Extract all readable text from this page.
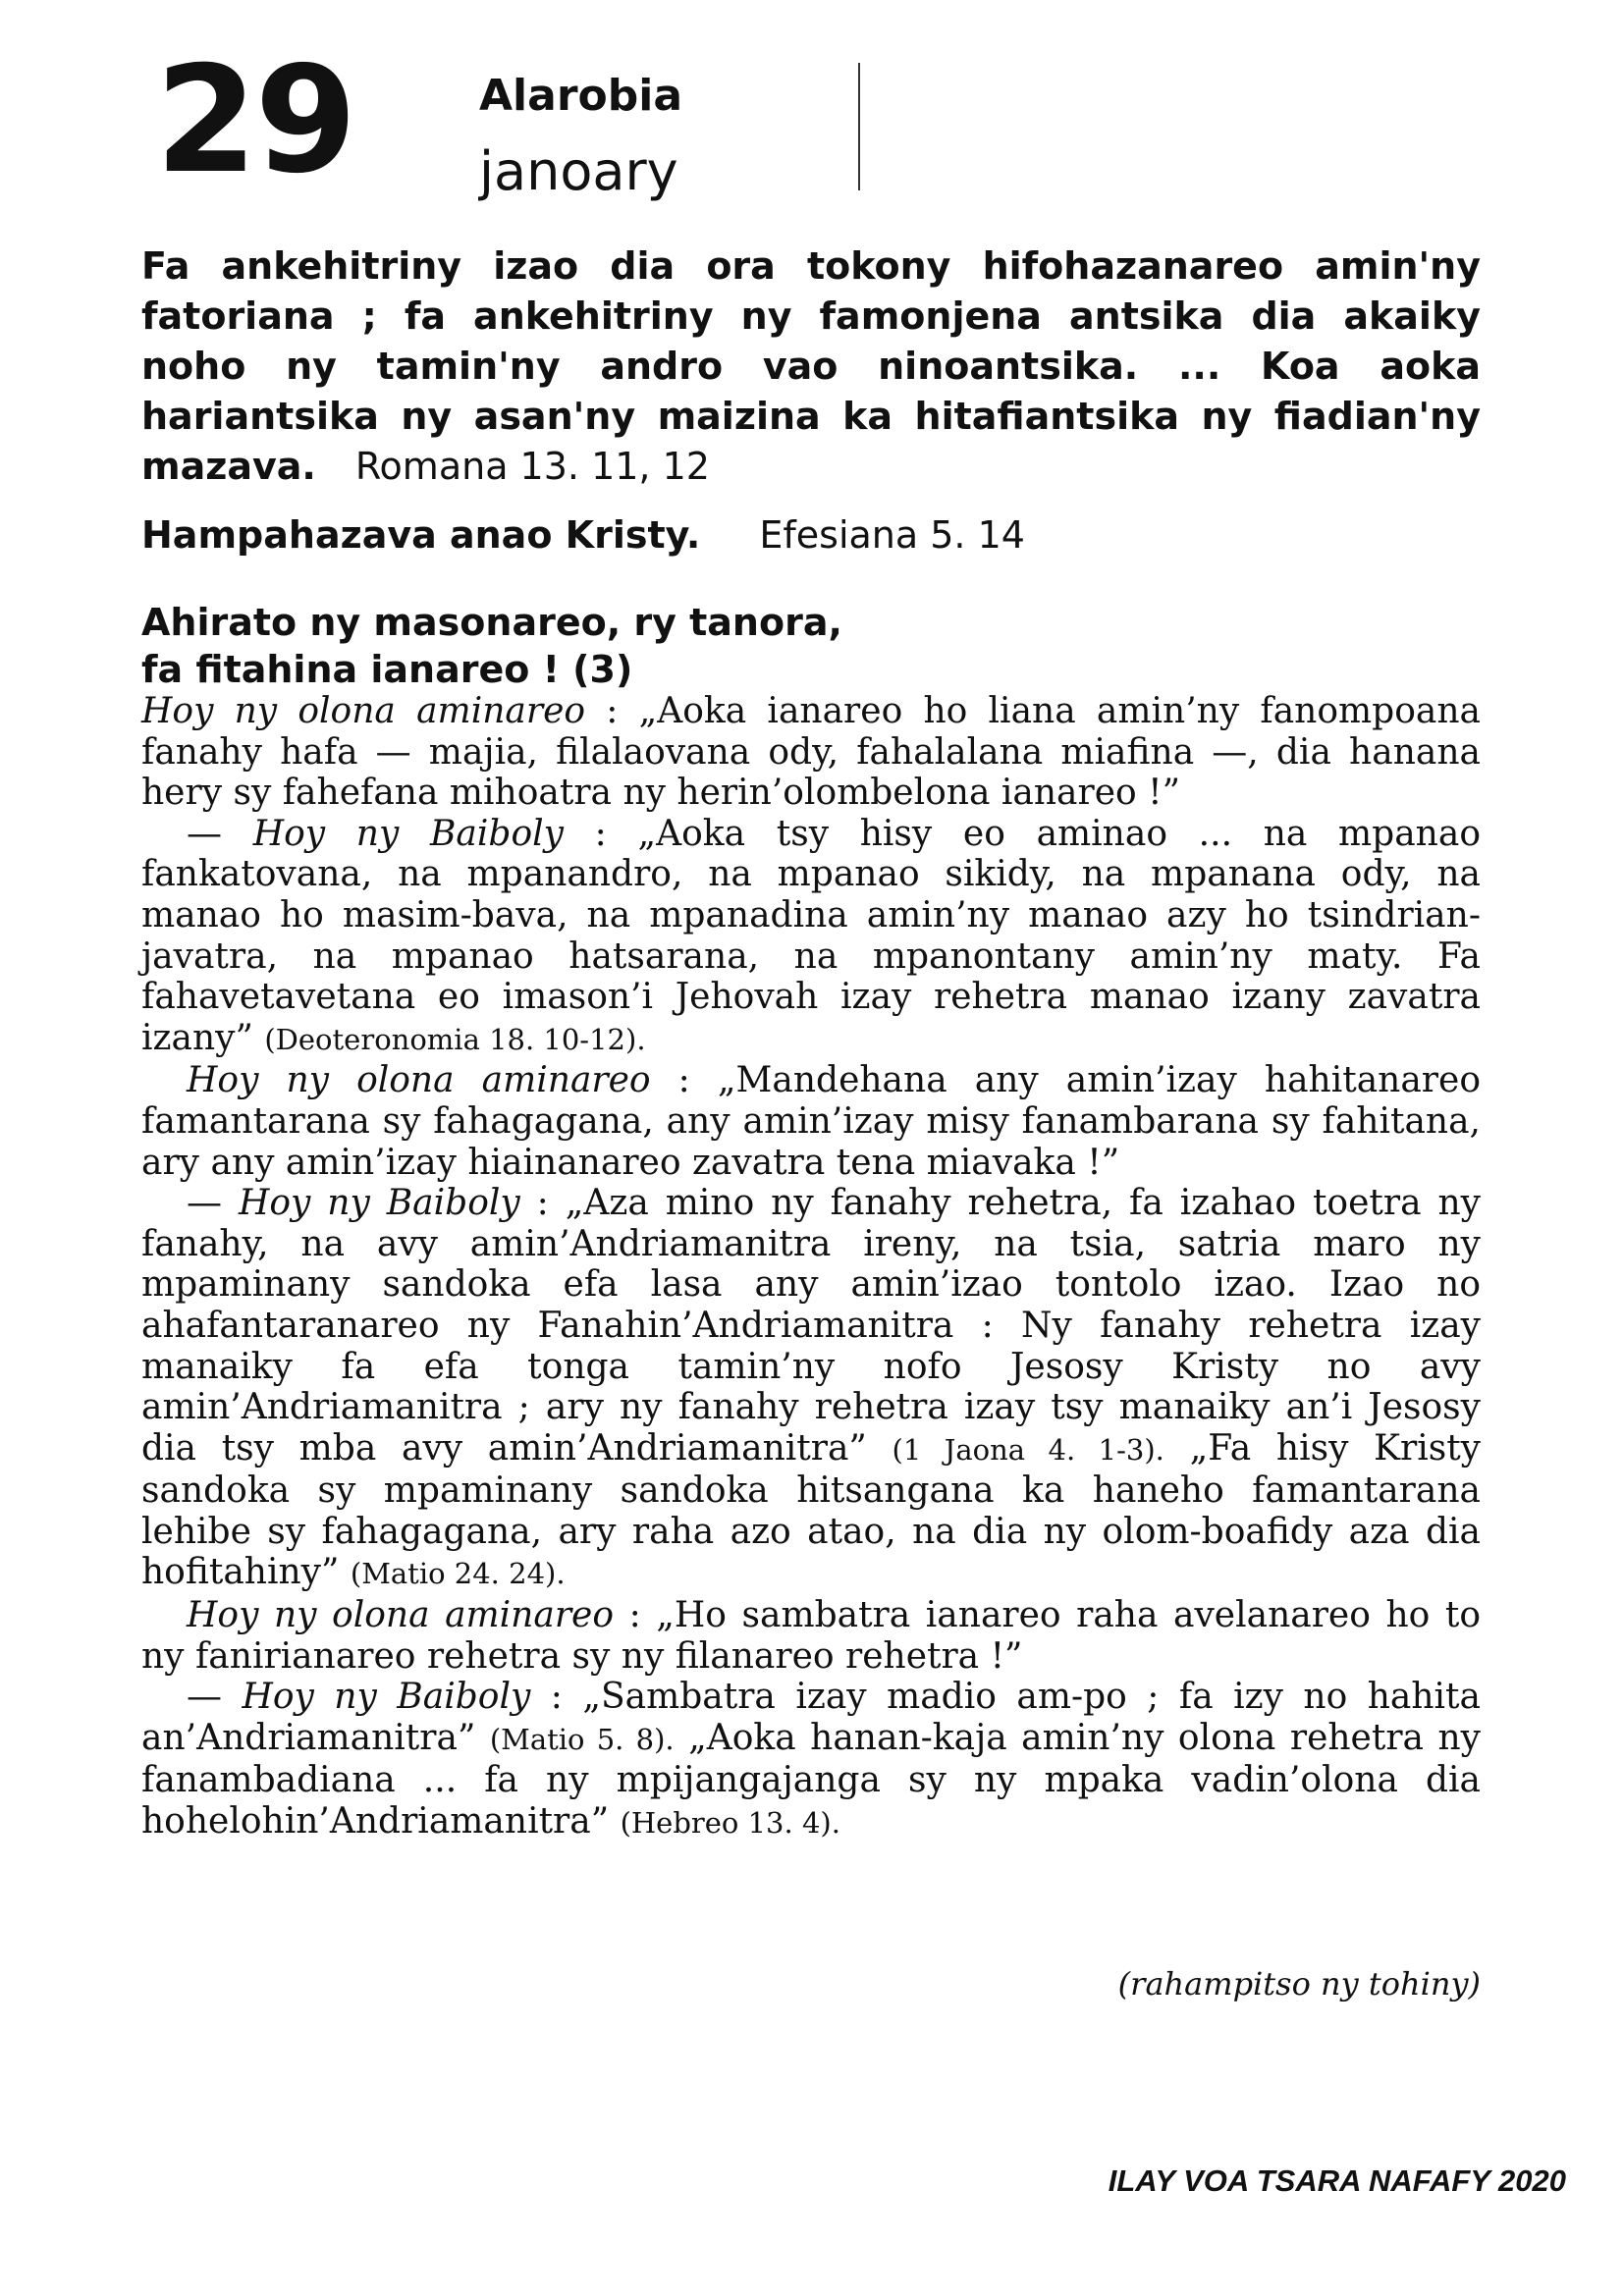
29	Alarobia
janoary

Fa ankehitriny izao dia ora tokony hifohazanareo amin'ny fatoriana ; fa ankehitriny ny famonjena antsika dia akaiky noho ny tamin'ny andro vao ninoantsika. ... Koa aoka hariantsika ny asan'ny maizina ka hitafiantsika ny fiadian'ny mazava. Romana 13. 11, 12

Hampahazava anao Kristy. Efesiana 5. 14

Ahirato ny masonareo, ry tanora,
fa fitahina ianareo ! (3)

Hoy ny olona aminareo : „Aoka ianareo ho liana amin’ny fanompoana fanahy hafa — majia, filalaovana ody, fahalalana miafina —, dia hanana hery sy fahefana mihoatra ny herin’olombelona ianareo !”

— Hoy ny Baiboly : „Aoka tsy hisy eo aminao ... na mpanao fankatovana, na mpanandro, na mpanao sikidy, na mpanana ody, na manao ho masim-bava, na mpanadina amin’ny manao azy ho tsindrian-javatra, na mpanao hatsarana, na mpanontany amin’ny maty. Fa fahavetavetana eo imason’i Jehovah izay rehetra manao izany zavatra izany” (Deoteronomia 18. 10-12).

Hoy ny olona aminareo : „Mandehana any amin’izay hahitanareo famantarana sy fahagagana, any amin’izay misy fanambarana sy fahitana, ary any amin’izay hiainanareo zavatra tena miavaka !”

— Hoy ny Baiboly : „Aza mino ny fanahy rehetra, fa izahao toetra ny fanahy, na avy amin’Andriamanitra ireny, na tsia, satria maro ny mpaminany sandoka efa lasa any amin’izao tontolo izao. Izao no ahafantaranareo ny Fanahin’Andriamanitra : Ny fanahy rehetra izay manaiky fa efa tonga tamin’ny nofo Jesosy Kristy no avy amin’Andriamanitra ; ary ny fanahy rehetra izay tsy manaiky an’i Jesosy dia tsy mba avy amin’Andriamanitra” (1 Jaona 4. 1-3). „Fa hisy Kristy sandoka sy mpaminany sandoka hitsangana ka haneho famantarana lehibe sy fahagagana, ary raha azo atao, na dia ny olom-boafidy aza dia hofitahiny” (Matio 24. 24).

Hoy ny olona aminareo : „Ho sambatra ianareo raha avelanareo ho to ny fanirianareo rehetra sy ny filanareo rehetra !”

— Hoy ny Baiboly : „Sambatra izay madio am-po ; fa izy no hahita an’Andriamanitra” (Matio 5. 8). „Aoka hanan-kaja amin’ny olona rehetra ny fanambadiana ... fa ny mpijangajanga sy ny mpaka vadin’olona dia hohelohin’Andriamanitra” (Hebreo 13. 4).

(rahampitso ny tohiny)
ILAY VOA TSARA NAFAFY 2020
